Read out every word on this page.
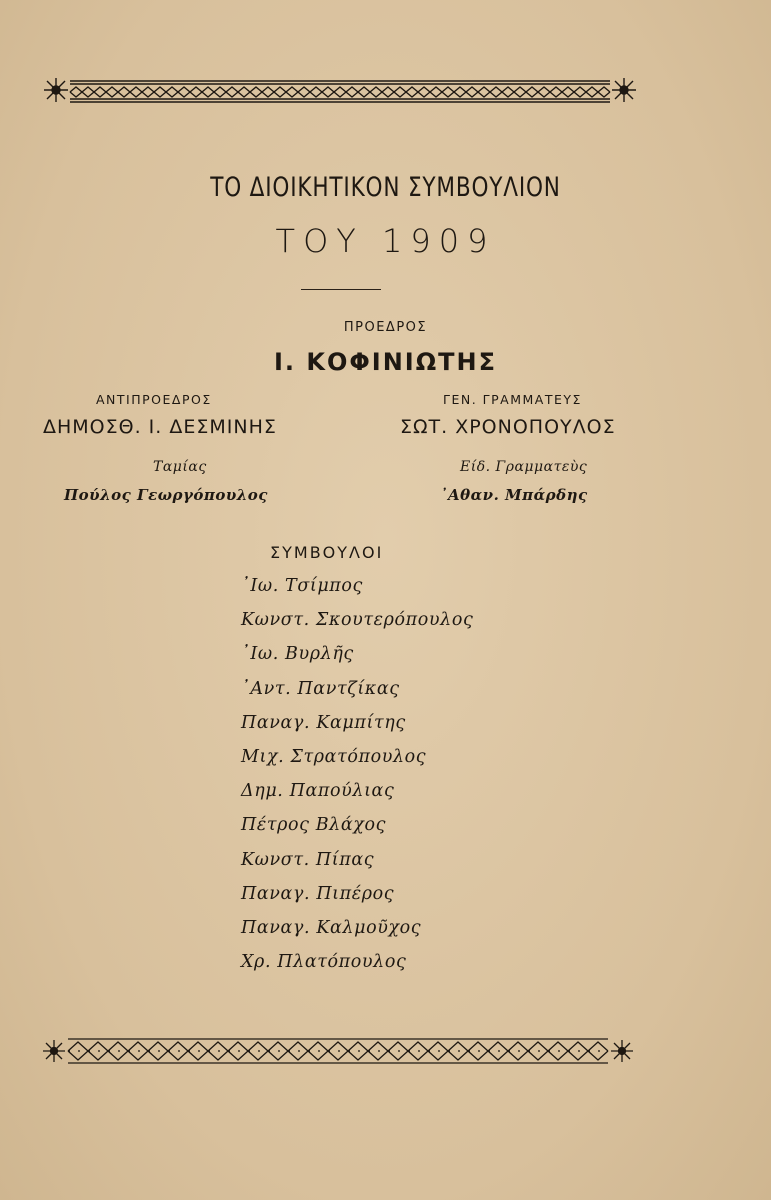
ΤΟ ΔΙΟΙΚΗΤΙΚΟΝ ΣΥΜΒΟΥΛΙΟΝ
ΤΟΥ 1909
ΠΡΟΕΔΡΟΣ
Ι. ΚΟΦΙΝΙΩΤΗΣ
ΑΝΤΙΠΡΟΕΔΡΟΣ
ΔΗΜΟΣΘ. Ι. ΔΕΣΜΙΝΗΣ
ΓΕΝ. ΓΡΑΜΜΑΤΕΥΣ
ΣΩΤ. ΧΡΟΝΟΠΟΥΛΟΣ
Ταμίας
Πούλος Γεωργόπουλος
Είδ. Γραμματεὺς
᾿Αθαν. Μπάρδης
ΣΥΜΒΟΥΛΟΙ
᾿Ιω. Τσίμπος
Κωνστ. Σκουτερόπουλος
᾿Ιω. Βυρλῆς
᾿Αντ. Παντζίκας
Παναγ. Καμπίτης
Μιχ. Στρατόπουλος
Δημ. Παπούλιας
Πέτρος Βλάχος
Κωνστ. Πίπας
Παναγ. Πιπέρος
Παναγ. Καλμοῦχος
Χρ. Πλατόπουλος
